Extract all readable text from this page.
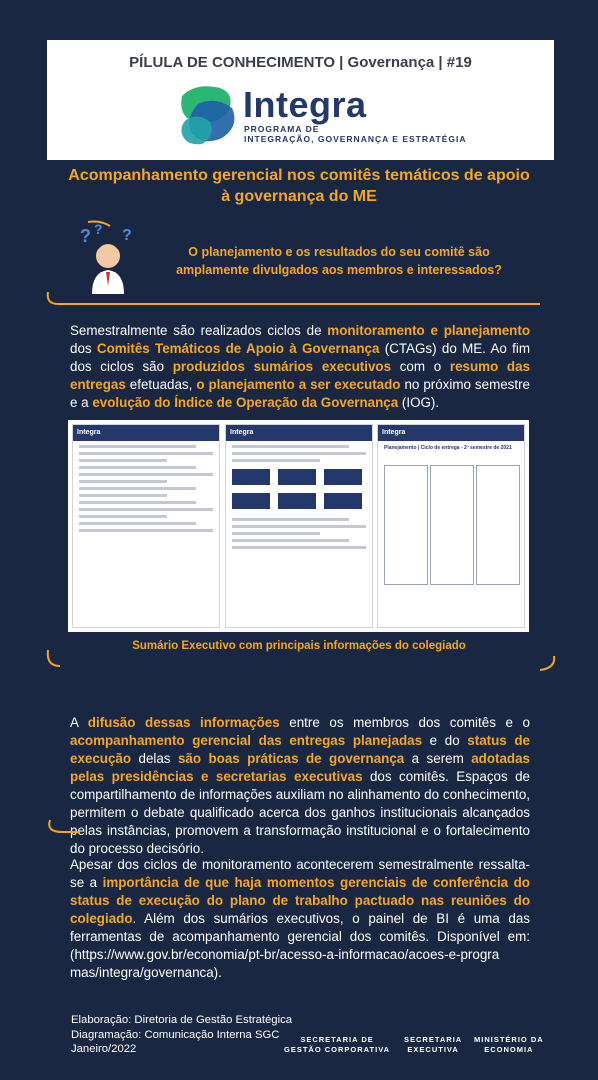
PÍLULA DE CONHECIMENTO | Governança | #19
Integra
PROGRAMA DE
INTEGRAÇÃO, GOVERNANÇA E ESTRATÉGIA
Acompanhamento gerencial nos comitês temáticos de apoio
à governança do ME
? ? ?
O planejamento e os resultados do seu comitê são
amplamente divulgados aos membros e interessados?

Semestralmente são realizados ciclos de monitoramento e planejamento dos Comitês Temáticos de Apoio à Governança (CTAGs) do ME. Ao fim dos ciclos são produzidos sumários executivos com o resumo das entregas efetuadas, o planejamento a ser executado no próximo semestre e a evolução do Índice de Operação da Governança (IOG).

Integra	Integra	Integra
Planejamento | Ciclo de entrega - 2º semestre de 2021
Sumário Executivo com principais informações do colegiado

A difusão dessas informações entre os membros dos comitês e o acompanhamento gerencial das entregas planejadas e do status de execução delas são boas práticas de governança a serem adotadas pelas presidências e secretarias executivas dos comitês. Espaços de compartilhamento de informações auxiliam no alinhamento do conhecimento, permitem o debate qualificado acerca dos ganhos institucionais alcançados pelas instâncias, promovem a transformação institucional e o fortalecimento do processo decisório.

Apesar dos ciclos de monitoramento acontecerem semestralmente ressalta-se a importância de que haja momentos gerenciais de conferência do status de execução do plano de trabalho pactuado nas reuniões do colegiado. Além dos sumários executivos, o painel de BI é uma das ferramentas de acompanhamento gerencial dos comitês. Disponível em: (https://www.gov.br/economia/pt-br/acesso-a-informacao/acoes-e-progra mas/integra/governanca).

Elaboração: Diretoria de Gestão Estratégica
Diagramação: Comunicação Interna SGC
Janeiro/2022
SECRETARIA DE
GESTÃO CORPORATIVA
SECRETARIA
EXECUTIVA
MINISTÉRIO DA
ECONOMIA
